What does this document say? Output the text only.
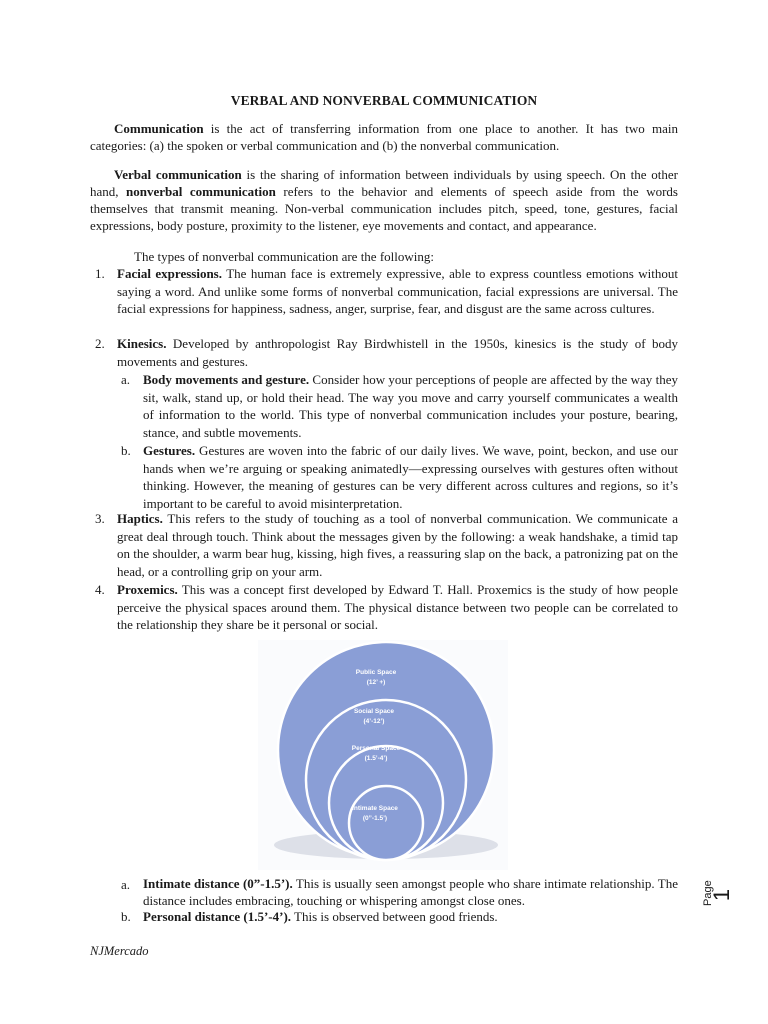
VERBAL AND NONVERBAL COMMUNICATION
Communication is the act of transferring information from one place to another. It has two main categories: (a) the spoken or verbal communication and (b) the nonverbal communication.
Verbal communication is the sharing of information between individuals by using speech. On the other hand, nonverbal communication refers to the behavior and elements of speech aside from the words themselves that transmit meaning. Non-verbal communication includes pitch, speed, tone, gestures, facial expressions, body posture, proximity to the listener, eye movements and contact, and appearance.
The types of nonverbal communication are the following:
1. Facial expressions. The human face is extremely expressive, able to express countless emotions without saying a word. And unlike some forms of nonverbal communication, facial expressions are universal. The facial expressions for happiness, sadness, anger, surprise, fear, and disgust are the same across cultures.
2. Kinesics. Developed by anthropologist Ray Birdwhistell in the 1950s, kinesics is the study of body movements and gestures.
a. Body movements and gesture. Consider how your perceptions of people are affected by the way they sit, walk, stand up, or hold their head. The way you move and carry yourself communicates a wealth of information to the world. This type of nonverbal communication includes your posture, bearing, stance, and subtle movements.
b. Gestures. Gestures are woven into the fabric of our daily lives. We wave, point, beckon, and use our hands when we’re arguing or speaking animatedly—expressing ourselves with gestures often without thinking. However, the meaning of gestures can be very different across cultures and regions, so it’s important to be careful to avoid misinterpretation.
3. Haptics. This refers to the study of touching as a tool of nonverbal communication. We communicate a great deal through touch. Think about the messages given by the following: a weak handshake, a timid tap on the shoulder, a warm bear hug, kissing, high fives, a reassuring slap on the back, a patronizing pat on the head, or a controlling grip on your arm.
4. Proxemics. This was a concept first developed by Edward T. Hall. Proxemics is the study of how people perceive the physical spaces around them. The physical distance between two people can be correlated to the relationship they share be it personal or social.
Public Space
(12’ +)
Social Space
(4’-12’)
Personal Space
(1.5’-4’)
Intimate Space
(0”-1.5’)
a. Intimate distance (0”-1.5’). This is usually seen amongst people who share intimate relationship. The distance includes embracing, touching or whispering amongst close ones.
b. Personal distance (1.5’-4’). This is observed between good friends.
Page
1
NJMercado
